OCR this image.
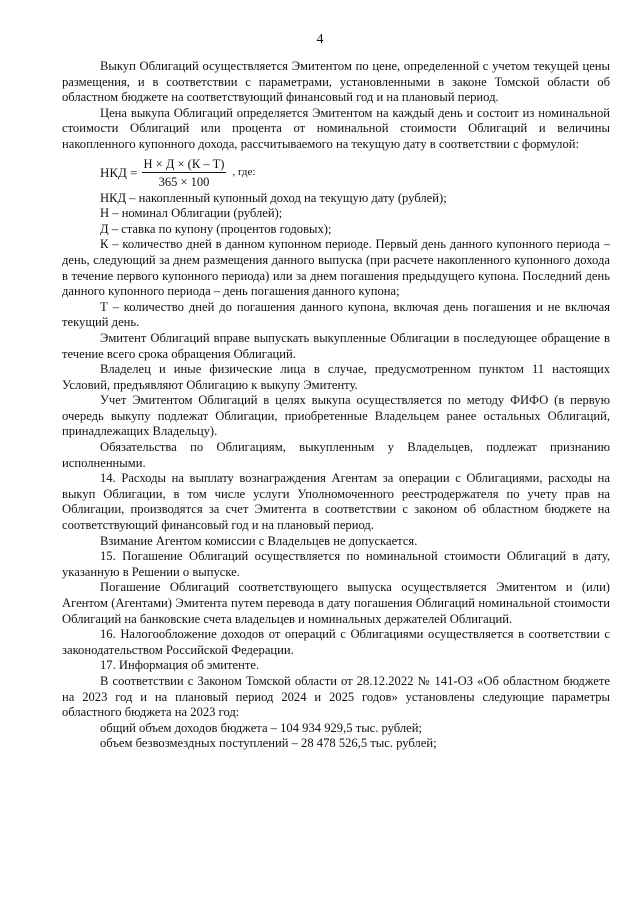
4

Выкуп Облигаций осуществляется Эмитентом по цене, определенной с учетом текущей цены размещения, и в соответствии с параметрами, установленными в законе Томской области об областном бюджете на соответствующий финансовый год и на плановый период.

Цена выкупа Облигаций определяется Эмитентом на каждый день и состоит из номинальной стоимости Облигаций или процента от номинальной стоимости Облигаций и величины накопленного купонного дохода, рассчитываемого на текущую дату в соответствии с формулой:

НКД = $\frac{Н \times Д \times (К - Т)}{365 \times 100}$ , где:

НКД – накопленный купонный доход на текущую дату (рублей);

Н – номинал Облигации (рублей);

Д – ставка по купону (процентов годовых);

К – количество дней в данном купонном периоде. Первый день данного купонного периода – день, следующий за днем размещения данного выпуска (при расчете накопленного купонного дохода в течение первого купонного периода) или за днем погашения предыдущего купона. Последний день данного купонного периода – день погашения данного купона;

Т – количество дней до погашения данного купона, включая день погашения и не включая текущий день.

Эмитент Облигаций вправе выпускать выкупленные Облигации в последующее обращение в течение всего срока обращения Облигаций.

Владелец и иные физические лица в случае, предусмотренном пунктом 11 настоящих Условий, предъявляют Облигацию к выкупу Эмитенту.

Учет Эмитентом Облигаций в целях выкупа осуществляется по методу ФИФО (в первую очередь выкупу подлежат Облигации, приобретенные Владельцем ранее остальных Облигаций, принадлежащих Владельцу).

Обязательства по Облигациям, выкупленным у Владельцев, подлежат признанию исполненными.

14. Расходы на выплату вознаграждения Агентам за операции с Облигациями, расходы на выкуп Облигации, в том числе услуги Уполномоченного реестродержателя по учету прав на Облигации, производятся за счет Эмитента в соответствии с законом об областном бюджете на соответствующий финансовый год и на плановый период.

Взимание Агентом комиссии с Владельцев не допускается.

15. Погашение Облигаций осуществляется по номинальной стоимости Облигаций в дату, указанную в Решении о выпуске.

Погашение Облигаций соответствующего выпуска осуществляется Эмитентом и (или) Агентом (Агентами) Эмитента путем перевода в дату погашения Облигаций номинальной стоимости Облигаций на банковские счета владельцев и номинальных держателей Облигаций.

16. Налогообложение доходов от операций с Облигациями осуществляется в соответствии с законодательством Российской Федерации.

17. Информация об эмитенте.

В соответствии с Законом Томской области от 28.12.2022 № 141-ОЗ «Об областном бюджете на 2023 год и на плановый период 2024 и 2025 годов» установлены следующие параметры областного бюджета на 2023 год:

общий объем доходов бюджета – 104 934 929,5 тыс. рублей;

объем безвозмездных поступлений – 28 478 526,5 тыс. рублей;
